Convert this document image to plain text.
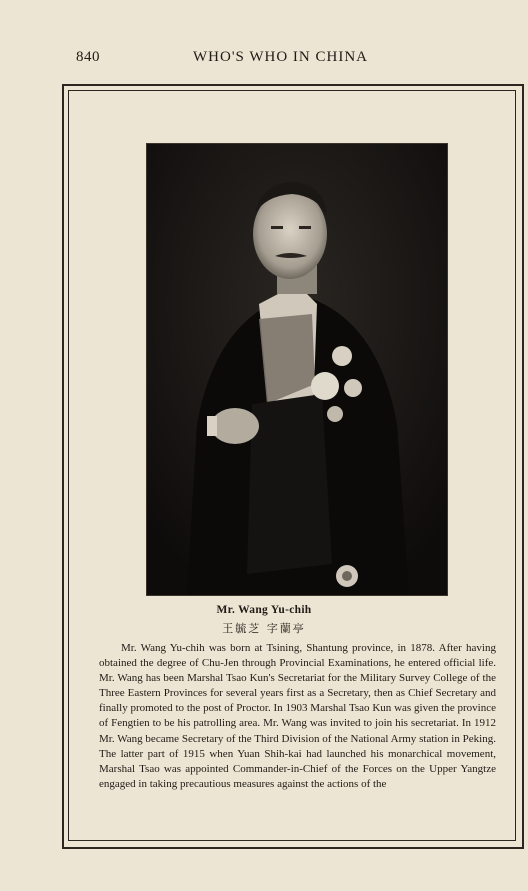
840	WHO'S WHO IN CHINA
Mr. Wang Yu-chih
王毓芝 字蘭亭

Mr. Wang Yu-chih was born at Tsining, Shantung province, in 1878. After having obtained the degree of Chu-Jen through Provincial Examinations, he entered official life. Mr. Wang has been Marshal Tsao Kun's Secretariat for the Military Survey College of the Three Eastern Provinces for several years first as a Secretary, then as Chief Secretary and finally promoted to the post of Proctor. In 1903 Marshal Tsao Kun was given the province of Fengtien to be his patrolling area. Mr. Wang was invited to join his secretariat. In 1912 Mr. Wang became Secretary of the Third Division of the National Army station in Peking. The latter part of 1915 when Yuan Shih-kai had launched his monarchical movement, Marshal Tsao was appointed Commander-in-Chief of the Forces on the Upper Yangtze engaged in taking precautious measures against the actions of the
